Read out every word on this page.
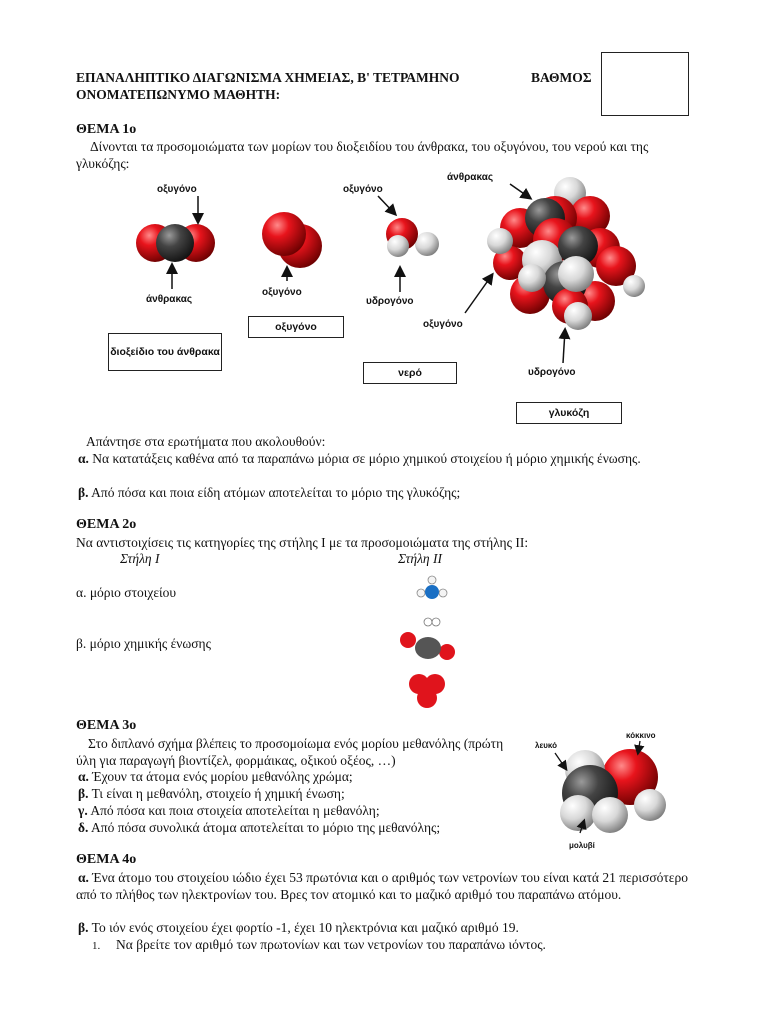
ΕΠΑΝΑΛΗΠΤΙΚΟ ΔΙΑΓΩΝΙΣΜΑ ΧΗΜΕΙΑΣ, Β' ΤΕΤΡΑΜΗΝΟ	ΒΑΘΜΟΣ
ΟΝΟΜΑΤΕΠΩΝΥΜΟ ΜΑΘΗΤΗ:
ΘΕΜΑ 1ο
Δίνονται τα προσομοιώματα των μορίων του διοξειδίου του άνθρακα, του οξυγόνου, του νερού και της γλυκόζης:
οξυγόνο
άνθρακας
διοξείδιο του άνθρακα
οξυγόνο
οξυγόνο
οξυγόνο
υδρογόνο
νερό
άνθρακας
οξυγόνο
υδρογόνο
γλυκόζη
Απάντησε στα ερωτήματα που ακολουθούν:
α. Να κατατάξεις καθένα από τα παραπάνω μόρια σε μόριο χημικού στοιχείου ή μόριο χημικής ένωσης.
β. Από πόσα και ποια είδη ατόμων αποτελείται το μόριο της γλυκόζης;
ΘΕΜΑ 2ο
Να αντιστοιχίσεις τις κατηγορίες της στήλης I με τα προσομοιώματα της στήλης II:
Στήλη I	Στήλη II
α. μόριο στοιχείου
β. μόριο χημικής ένωσης
ΘΕΜΑ 3ο
Στο διπλανό σχήμα βλέπεις το προσομοίωμα ενός μορίου μεθανόλης (πρώτη ύλη για παραγωγή βιοντίζελ, φορμάικας, οξικού οξέος, …)
α. Έχουν τα άτομα ενός μορίου μεθανόλης χρώμα;
β. Τι είναι η μεθανόλη, στοιχείο ή χημική ένωση;
γ. Από πόσα και ποια στοιχεία αποτελείται η μεθανόλη;
δ. Από πόσα συνολικά άτομα αποτελείται το μόριο της μεθανόλης;
κόκκινο
λευκό
μολυβί
ΘΕΜΑ 4ο
α. Ένα άτομο του στοιχείου ιώδιο έχει 53 πρωτόνια και ο αριθμός των νετρονίων του είναι κατά 21 περισσότερο από το πλήθος των ηλεκτρονίων του. Βρες τον ατομικό και το μαζικό αριθμό του παραπάνω ατόμου.
β. Το ιόν ενός στοιχείου έχει φορτίο -1, έχει 10 ηλεκτρόνια και μαζικό αριθμό 19.
1. Να βρείτε τον αριθμό των πρωτονίων και των νετρονίων του παραπάνω ιόντος.
